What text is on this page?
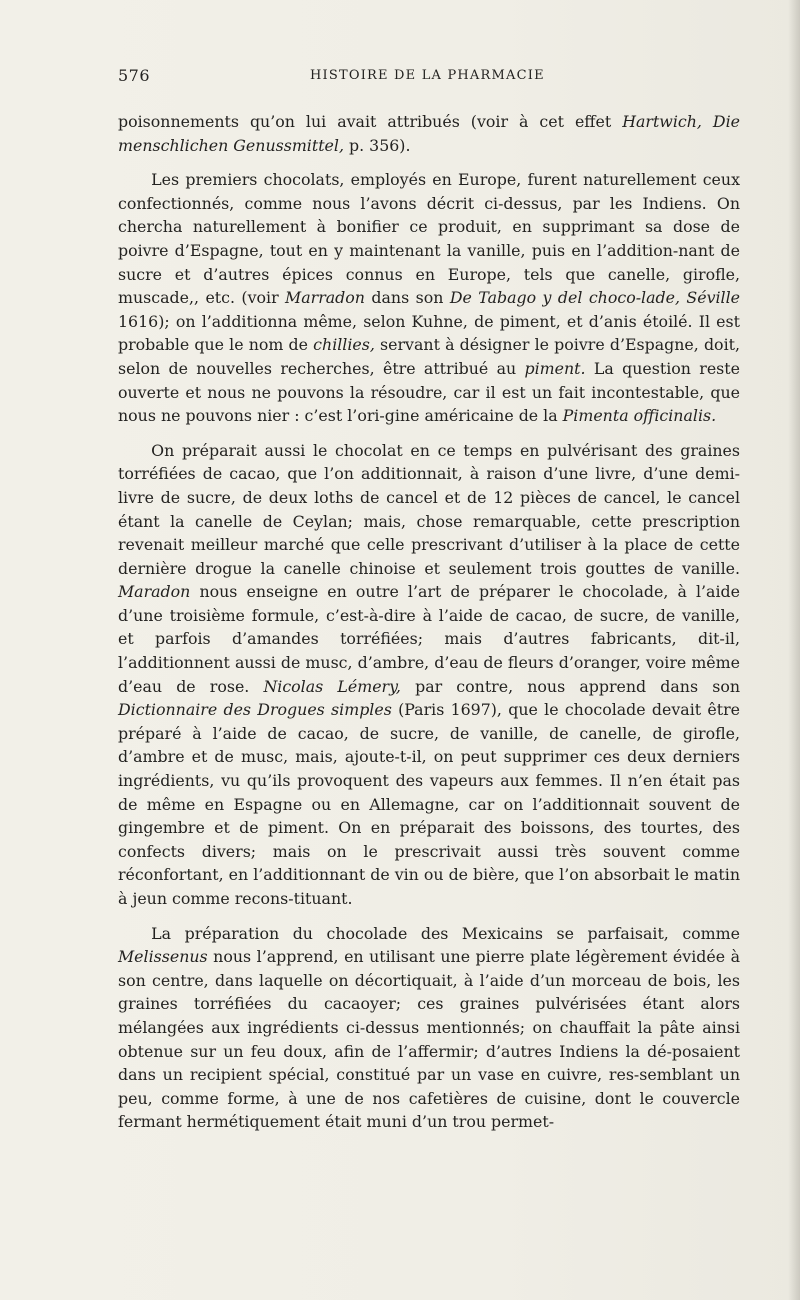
576	HISTOIRE DE LA PHARMACIE

poisonnements qu’on lui avait attribués (voir à cet effet Hartwich, Die menschlichen Genussmittel, p. 356).

Les premiers chocolats, employés en Europe, furent naturellement ceux confectionnés, comme nous l’avons décrit ci-dessus, par les Indiens. On chercha naturellement à bonifier ce produit, en supprimant sa dose de poivre d’Espagne, tout en y maintenant la vanille, puis en l’addition-nant de sucre et d’autres épices connus en Europe, tels que canelle, girofle, muscade,, etc. (voir Marradon dans son De Tabago y del choco-lade, Séville 1616); on l’additionna même, selon Kuhne, de piment, et d’anis étoilé. Il est probable que le nom de chillies, servant à désigner le poivre d’Espagne, doit, selon de nouvelles recherches, être attribué au piment. La question reste ouverte et nous ne pouvons la résoudre, car il est un fait incontestable, que nous ne pouvons nier : c’est l’ori-gine américaine de la Pimenta officinalis.

On préparait aussi le chocolat en ce temps en pulvérisant des graines torréfiées de cacao, que l’on additionnait, à raison d’une livre, d’une demi-livre de sucre, de deux loths de cancel et de 12 pièces de cancel, le cancel étant la canelle de Ceylan; mais, chose remarquable, cette prescription revenait meilleur marché que celle prescrivant d’utiliser à la place de cette dernière drogue la canelle chinoise et seulement trois gouttes de vanille. Maradon nous enseigne en outre l’art de préparer le chocolade, à l’aide d’une troisième formule, c’est-à-dire à l’aide de cacao, de sucre, de vanille, et parfois d’amandes torréfiées; mais d’autres fabricants, dit-il, l’additionnent aussi de musc, d’ambre, d’eau de fleurs d’oranger, voire même d’eau de rose. Nicolas Lémery, par contre, nous apprend dans son Dictionnaire des Drogues simples (Paris 1697), que le chocolade devait être préparé à l’aide de cacao, de sucre, de vanille, de canelle, de girofle, d’ambre et de musc, mais, ajoute-t-il, on peut supprimer ces deux derniers ingrédients, vu qu’ils provoquent des vapeurs aux femmes. Il n’en était pas de même en Espagne ou en Allemagne, car on l’additionnait souvent de gingembre et de piment. On en préparait des boissons, des tourtes, des confects divers; mais on le prescrivait aussi très souvent comme réconfortant, en l’additionnant de vin ou de bière, que l’on absorbait le matin à jeun comme recons-tituant.

La préparation du chocolade des Mexicains se parfaisait, comme Melissenus nous l’apprend, en utilisant une pierre plate légèrement évidée à son centre, dans laquelle on décortiquait, à l’aide d’un morceau de bois, les graines torréfiées du cacaoyer; ces graines pulvérisées étant alors mélangées aux ingrédients ci-dessus mentionnés; on chauffait la pâte ainsi obtenue sur un feu doux, afin de l’affermir; d’autres Indiens la dé-posaient dans un recipient spécial, constitué par un vase en cuivre, res-semblant un peu, comme forme, à une de nos cafetières de cuisine, dont le couvercle fermant hermétiquement était muni d’un trou permet-
